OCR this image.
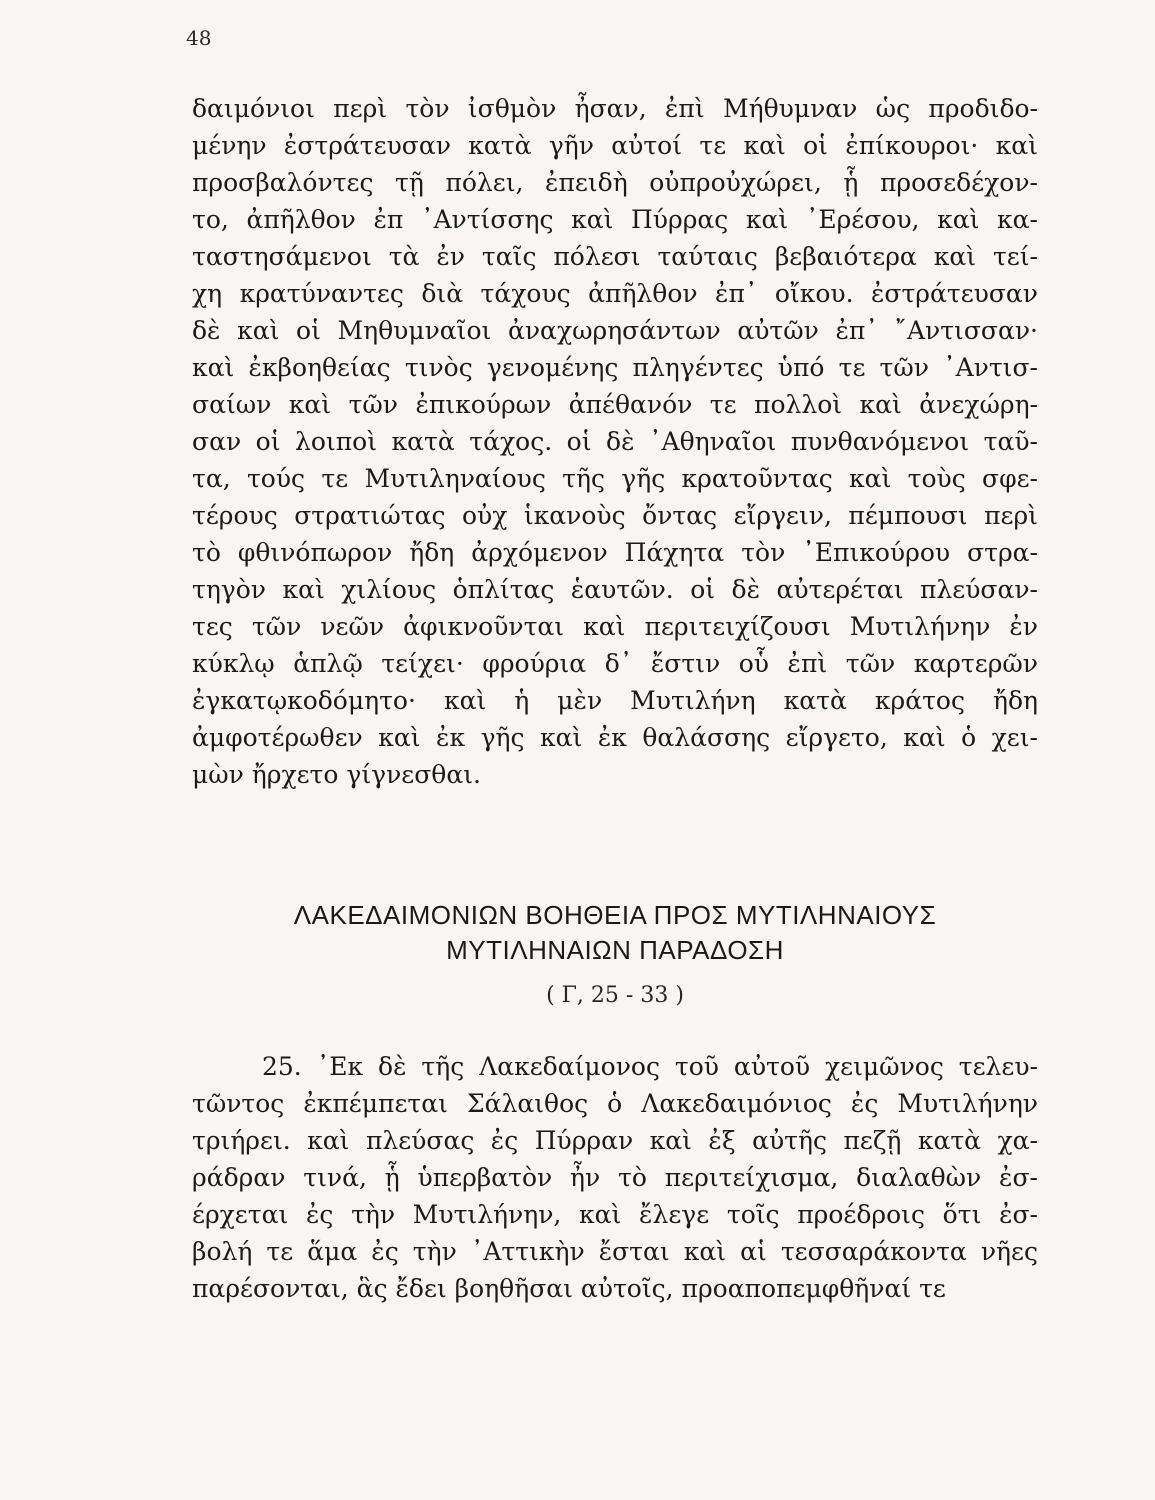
48
δαιμόνιοι περὶ τὸν ἰσθμὸν ἦσαν, ἐπὶ Μήθυμναν ὡς προδιδο-
μένην ἐστράτευσαν κατὰ γῆν αὐτοί τε καὶ οἱ ἐπίκουροι· καὶ
προσβαλόντες τῇ πόλει, ἐπειδὴ οὐπροὐχώρει, ᾗ προσεδέχον-
το, ἀπῆλθον ἐπ ᾿Αντίσσης καὶ Πύρρας καὶ ᾿Ερέσου, καὶ κα-
ταστησάμενοι τὰ ἐν ταῖς πόλεσι ταύταις βεβαιότερα καὶ τεί-
χη κρατύναντες διὰ τάχους ἀπῆλθον ἐπ᾿ οἴκου. ἐστράτευσαν
δὲ καὶ οἱ Μηθυμναῖοι ἀναχωρησάντων αὐτῶν ἐπ᾿ ῎Αντισσαν·
καὶ ἐκβοηθείας τινὸς γενομένης πληγέντες ὑπό τε τῶν ᾿Αντισ-
σαίων καὶ τῶν ἐπικούρων ἀπέθανόν τε πολλοὶ καὶ ἀνεχώρη-
σαν οἱ λοιποὶ κατὰ τάχος. οἱ δὲ ᾿Αθηναῖοι πυνθανόμενοι ταῦ-
τα, τούς τε Μυτιληναίους τῆς γῆς κρατοῦντας καὶ τοὺς σφε-
τέρους στρατιώτας οὐχ ἱκανοὺς ὄντας εἴργειν, πέμπουσι περὶ
τὸ φθινόπωρον ἤδη ἀρχόμενον Πάχητα τὸν ᾿Επικούρου στρα-
τηγὸν καὶ χιλίους ὁπλίτας ἑαυτῶν. οἱ δὲ αὐτερέται πλεύσαν-
τες τῶν νεῶν ἀφικνοῦνται καὶ περιτειχίζουσι Μυτιλήνην ἐν
κύκλῳ ἁπλῷ τείχει· φρούρια δ᾿ ἔστιν οὗ ἐπὶ τῶν καρτερῶν
ἐγκατῳκοδόμητο· καὶ ἡ μὲν Μυτιλήνη κατὰ κράτος ἤδη
ἀμφοτέρωθεν καὶ ἐκ γῆς καὶ ἐκ θαλάσσης εἴργετο, καὶ ὁ χει-
μὼν ἤρχετο γίγνεσθαι.
ΛΑΚΕΔΑΙΜΟΝΙΩΝ ΒΟΗΘΕΙΑ ΠΡΟΣ ΜΥΤΙΛΗΝΑΙΟΥΣ
ΜΥΤΙΛΗΝΑΙΩΝ ΠΑΡΑΔΟΣΗ
( Γ, 25 - 33 )
25. ᾿Εκ δὲ τῆς Λακεδαίμονος τοῦ αὐτοῦ χειμῶνος τελευ-
τῶντος ἐκπέμπεται Σάλαιθος ὁ Λακεδαιμόνιος ἐς Μυτιλήνην
τριήρει. καὶ πλεύσας ἐς Πύρραν καὶ ἐξ αὐτῆς πεζῇ κατὰ χα-
ράδραν τινά, ᾗ ὑπερβατὸν ἦν τὸ περιτείχισμα, διαλαθὼν ἐσ-
έρχεται ἐς τὴν Μυτιλήνην, καὶ ἔλεγε τοῖς προέδροις ὅτι ἐσ-
βολή τε ἅμα ἐς τὴν ᾿Αττικὴν ἔσται καὶ αἱ τεσσαράκοντα νῆες
παρέσονται, ἃς ἔδει βοηθῆσαι αὐτοῖς, προαποπεμφθῆναί τε
